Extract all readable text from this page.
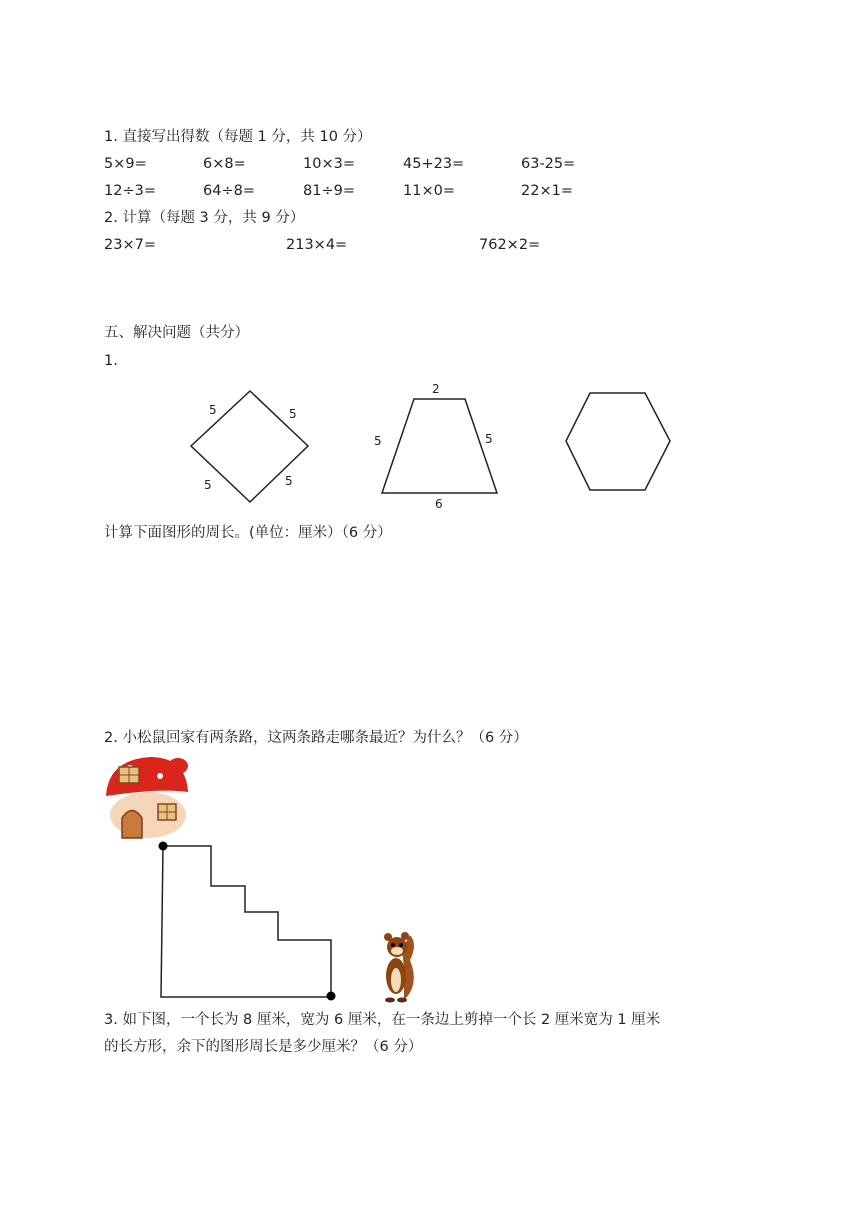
1. 直接写出得数（每题 1 分，共 10 分）
5×9=	6×8=	10×3=	45+23=	63-25=
12÷3=	64÷8=	81÷9=	11×0=	22×1=
2. 计算（每题 3 分，共 9 分）
23×7=	213×4=	762×2=
五、解决问题（共分）
1.
5	5
5	5
2
5	5
6
计算下面图形的周长。(单位：厘米）（6 分）
2. 小松鼠回家有两条路，这两条路走哪条最近？为什么？（6 分）
3. 如下图，一个长为 8 厘米，宽为 6 厘米，在一条边上剪掉一个长 2 厘米宽为 1 厘米
的长方形，余下的图形周长是多少厘米？（6 分）
